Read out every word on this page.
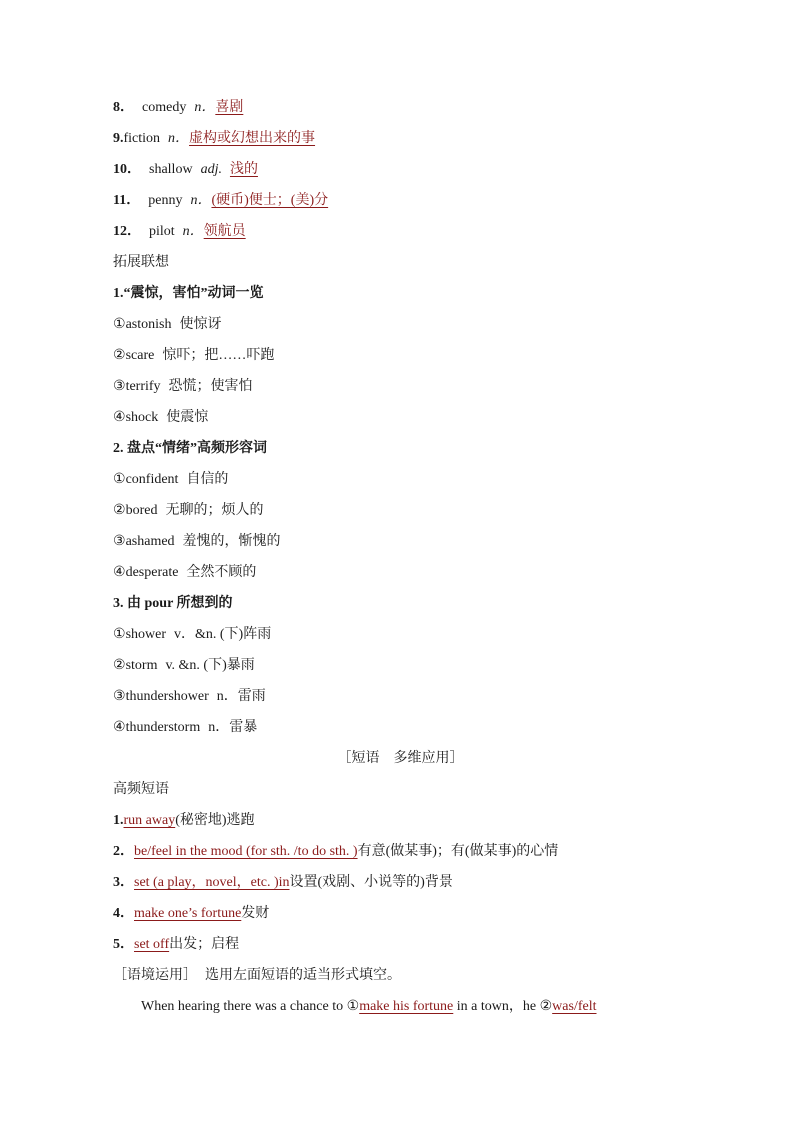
8． comedy n．喜剧
9.fiction n．虚构或幻想出来的事
10． shallow adj. 浅的
11． penny n．(硬币)便士；(美)分
12． pilot n．领航员
拓展联想
1.“震惊，害怕”动词一览
①astonish 使惊讶
②scare 惊吓；把……吓跑
③terrify 恐慌；使害怕
④shock 使震惊
2. 盘点“情绪”高频形容词
①confident 自信的
②bored 无聊的；烦人的
③ashamed 羞愧的，惭愧的
④desperate 全然不顾的
3. 由 pour 所想到的
①shower v．&n. (下)阵雨
②storm v. &n. (下)暴雨
③thundershower n．雷雨
④thunderstorm n．雷暴
［短语　多维应用］
高频短语
1.run away(秘密地)逃跑
2．be/feel in the mood (for sth. /to do sth. )有意(做某事)；有(做某事)的心情
3．set (a play，novel，etc. )in设置(戏剧、小说等的)背景
4．make one’s fortune发财
5．set off出发；启程
［语境运用］ 选用左面短语的适当形式填空。
When hearing there was a chance to ①make his fortune in a town，he ②was/felt
